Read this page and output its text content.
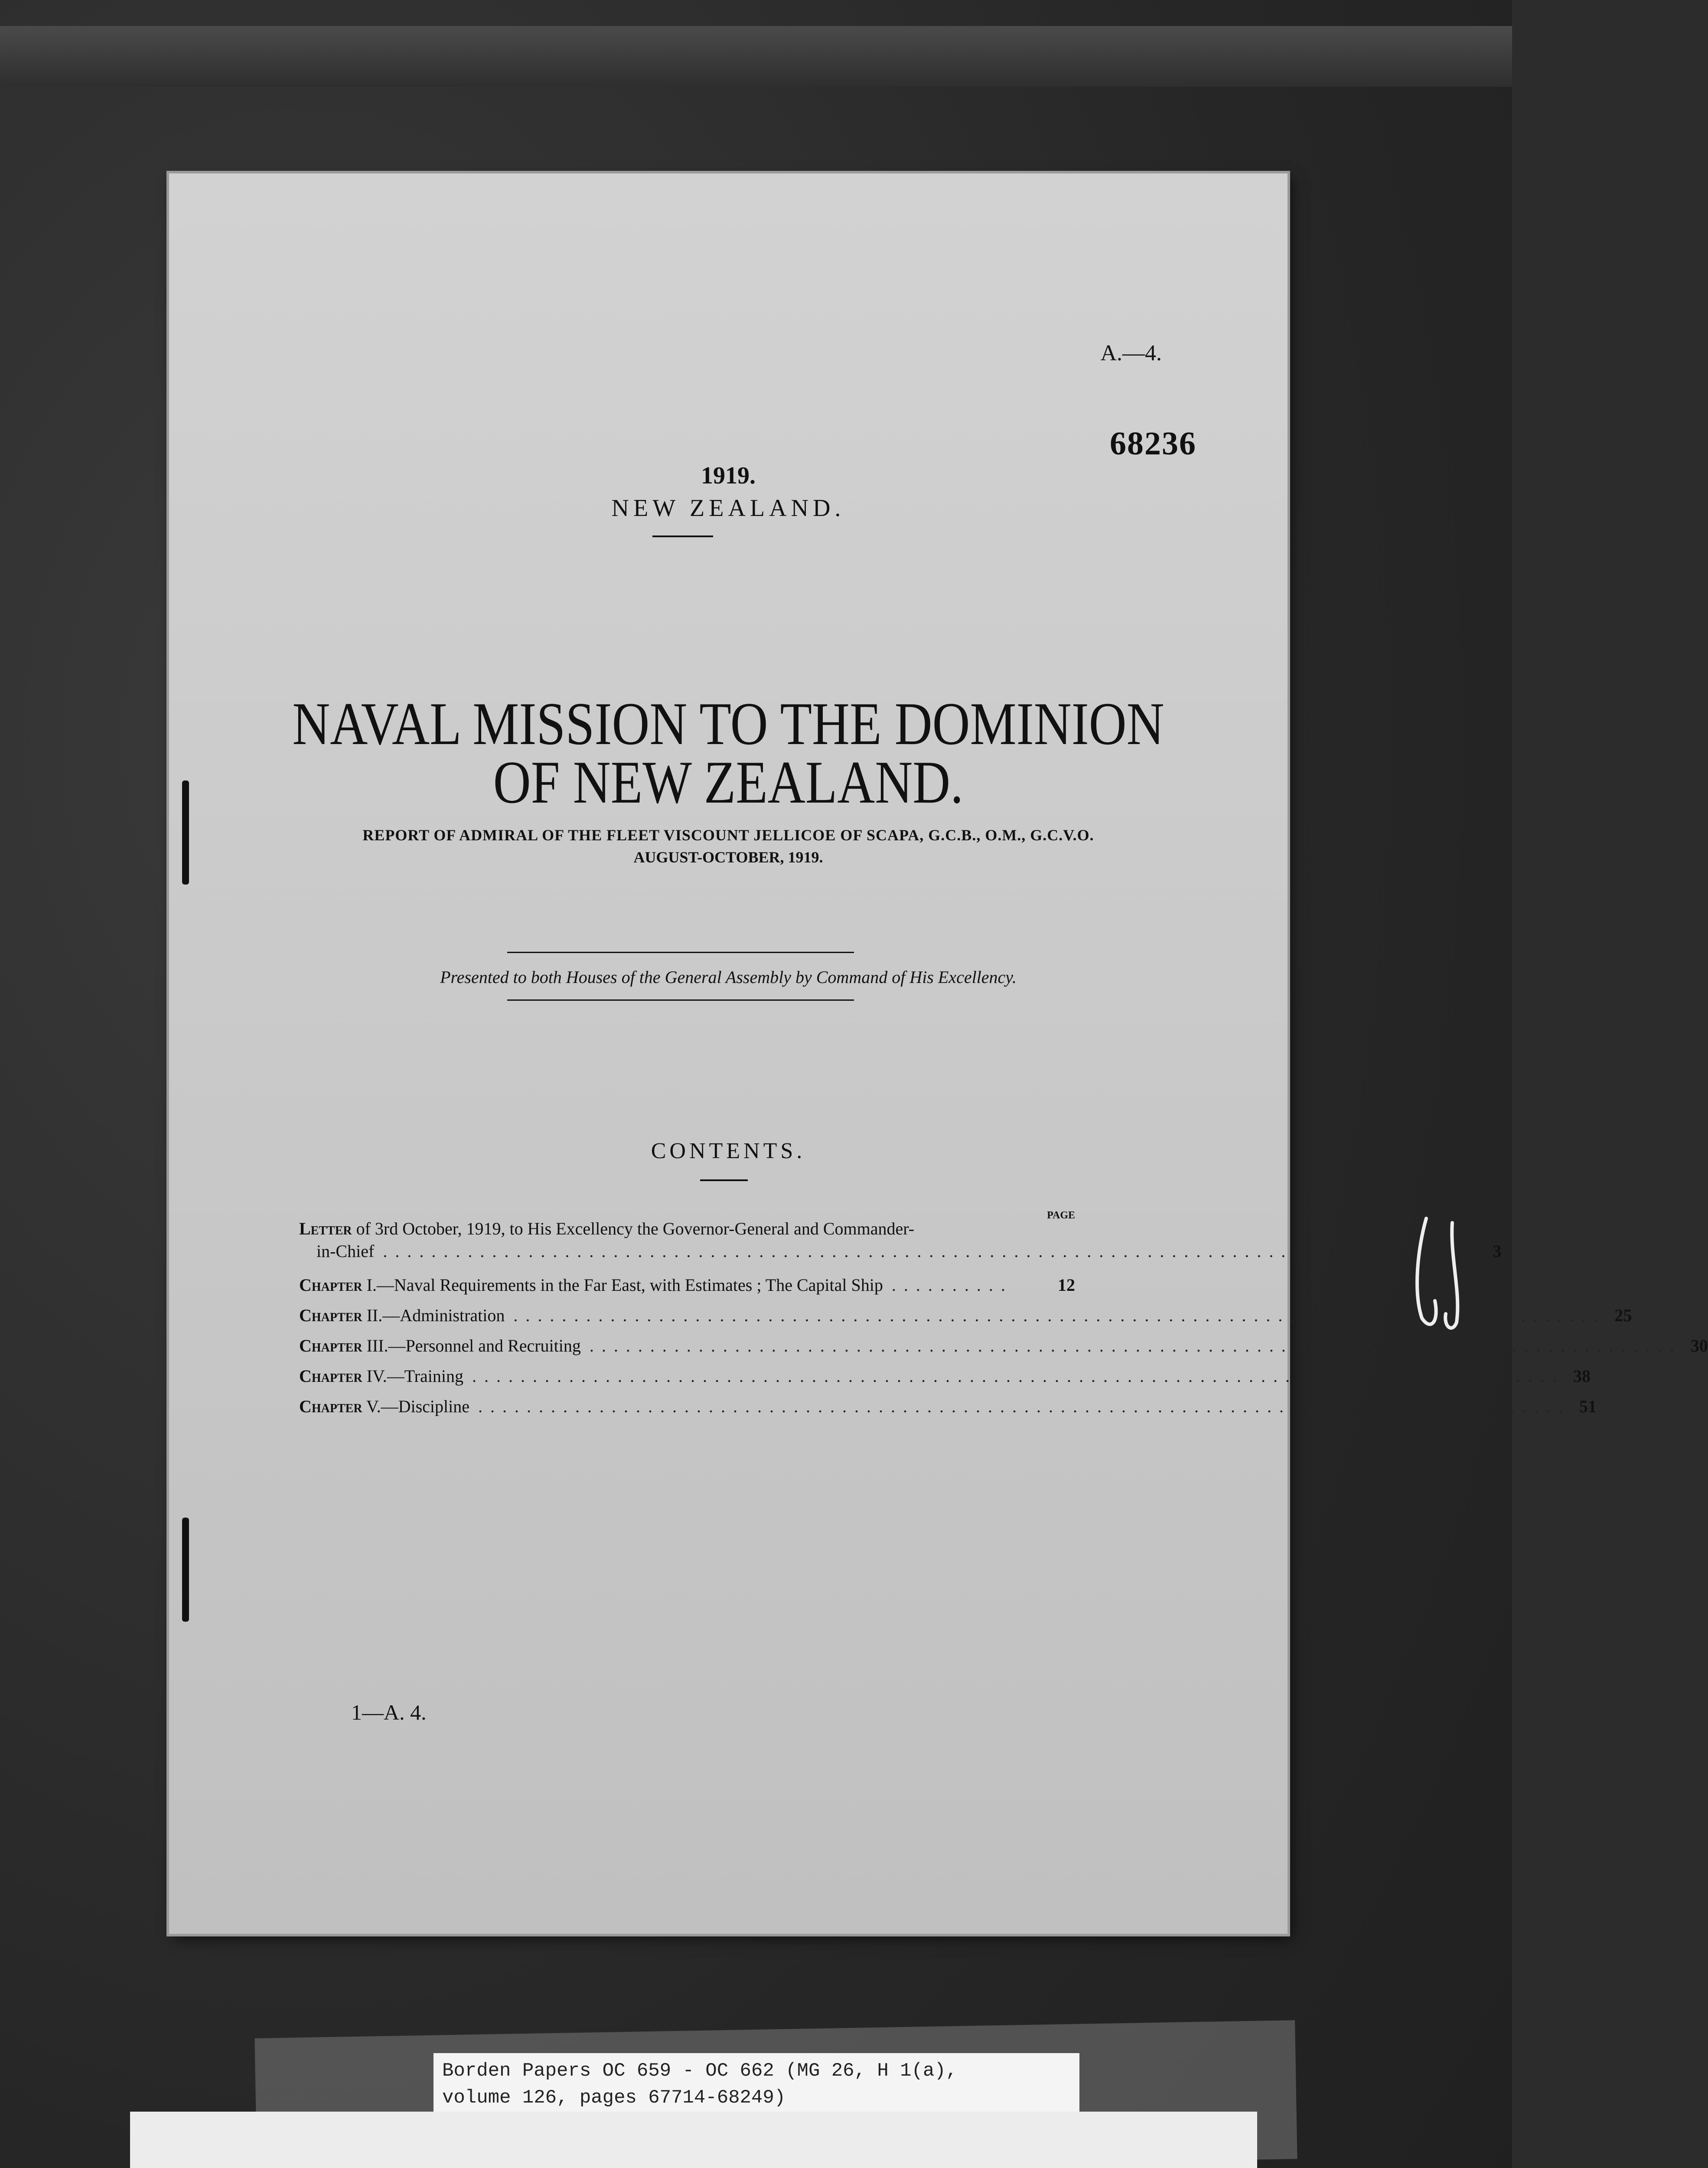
A.—4.
68236
1919.
NEW ZEALAND.
NAVAL MISSION TO THE DOMINION
OF NEW ZEALAND.
REPORT OF ADMIRAL OF THE FLEET VISCOUNT JELLICOE OF SCAPA, G.C.B., O.M., G.C.V.O.
AUGUST-OCTOBER, 1919.
Presented to both Houses of the General Assembly by Command of His Excellency.
CONTENTS.
PAGE
Letter of 3rd October, 1919, to His Excellency the Governor-General and Commander-
in-Chief ..........................................................................................	3
Chapter I.—Naval Requirements in the Far East, with Estimates ; The Capital Ship ..........	12
Chapter II.—Administration .......................................................................................... 25
Chapter III.—Personnel and Recruiting .......................................................................................... 30
Chapter IV.—Training .......................................................................................... 38
Chapter V.—Discipline .......................................................................................... 51
1—A. 4.
Borden Papers OC 659 - OC 662 (MG 26, H 1(a),
volume 126, pages 67714-68249)
